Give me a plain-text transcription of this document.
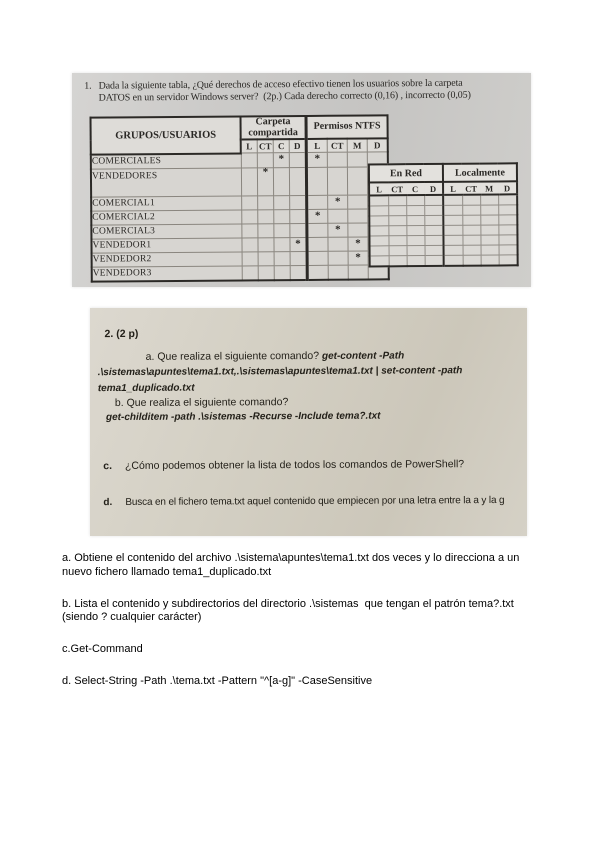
1. Dada la siguiente tabla, ¿Qué derechos de acceso efectivo tienen los usuarios sobre la carpeta
DATOS en un servidor Windows server?  (2p.) Cada derecho correcto (0,16) , incorrecto (0,05)
GRUPOS/USUARIOS	Carpeta compartida				Permisos NTFS			
	L	CT	C	D	L	CT	M	D
COMERCIALES			*		*			
VENDEDORES		*						
COMERCIAL1						*		
COMERCIAL2					*			
COMERCIAL3						*		
VENDEDOR1				*			*	
VENDEDOR2							*	
VENDEDOR3								
En Red				Localmente			
L	CT	C	D	L	CT	M	D

2. (2 p)

a. Que realiza el siguiente comando? get-content -Path .\sistemas\apuntes\tema1.txt,.\sistemas\apuntes\tema1.txt | set-content -path tema1_duplicado.txt

b. Que realiza el siguiente comando?

get-childitem -path .\sistemas -Recurse -Include tema?.txt

c. ¿Cómo podemos obtener la lista de todos los comandos de PowerShell?

d. Busca en el fichero tema.txt aquel contenido que empiecen por una letra entre la a y la g

a. Obtiene el contenido del archivo .\sistema\apuntes\tema1.txt dos veces y lo direcciona a un nuevo fichero llamado tema1_duplicado.txt

b. Lista el contenido y subdirectorios del directorio .\sistemas  que tengan el patrón tema?.txt (siendo ? cualquier carácter)

c.Get-Command

d. Select-String -Path .\tema.txt -Pattern "^[a-g]" -CaseSensitive
